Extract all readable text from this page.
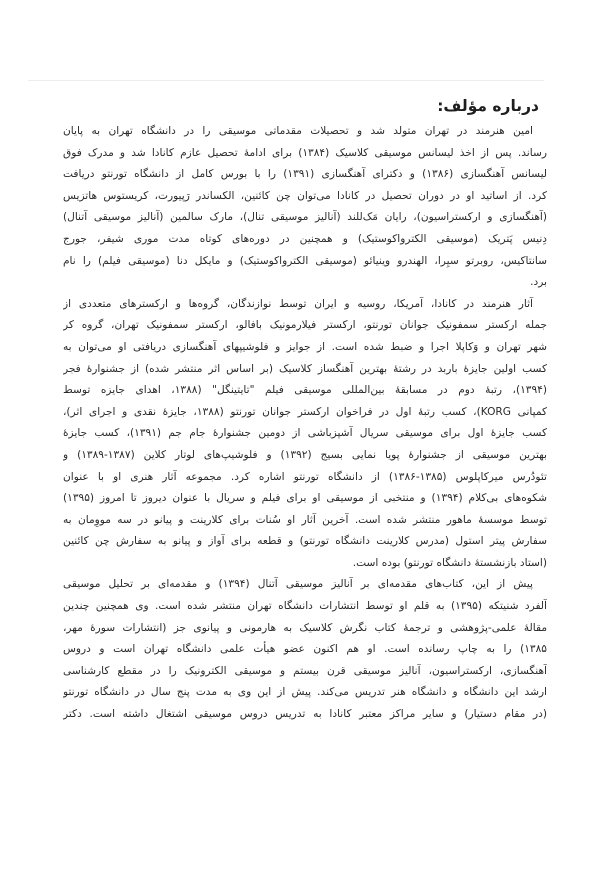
درباره مؤلف:
امین هنرمند در تهران متولد شد و تحصیلات مقدماتی موسیقی را در دانشگاه تهران به پایان
رساند. پس از اخذ لیسانس موسیقی کلاسیک (۱۳۸۴) برای ادامهٔ تحصیل عازم کانادا شد و مدرک فوق
لیسانس آهنگسازی (۱۳۸۶) و دکترای آهنگسازی (۱۳۹۱) را با بورس کامل از دانشگاه تورنتو دریافت
کرد. از اساتید او در دوران تحصیل در کانادا می‌توان چن کائنین، الکساندر رَپیورت، کریستوس هاتزیس
(آهنگسازی و ارکستراسیون)، رایان مَک‌للند (آنالیز موسیقی تنال)، مارک سالمین (آنالیز موسیقی آتنال)
دِنیس پَتریک (موسیقی الکترواکوستیک) و همچنین در دوره‌های کوتاه مدت موری شیفر، جورج
سانتاکیس، روبرتو سیِرا، الهندرو وینیائو (موسیقی الکترواکوستیک) و مایکل دنا (موسیقی فیلم) را نام
برد.
آثار هنرمند در کانادا، آمریکا، روسیه و ایران توسط نوازندگان، گروه‌ها و ارکسترهای متعددی از
جمله ارکستر سمفونیک جوانان تورنتو، ارکستر فیلارمونیک بافالو، ارکستر سمفونیک تهران، گروه کر
شهر تهران و وَکاپلا اجرا و ضبط شده است. از جوایز و فلوشیپهای آهنگسازی دریافتی او می‌توان به
کسب اولین جایزهٔ باربد در رشتهٔ بهترین آهنگساز کلاسیک (بر اساس اثر منتشر شده) از جشنوارهٔ فجر
(۱۳۹۴)، رتبهٔ دوم در مسابقهٔ بین‌المللی موسیقی فیلم "تایتینگل" (۱۳۸۸، اهدای جایزه توسط
کمپانی KORG)، کسب رتبهٔ اول در فراخوان ارکستر جوانان تورنتو (۱۳۸۸، جایزهٔ نقدی و اجرای اثر)،
کسب جایزهٔ اول برای موسیقی سریال آشپزباشی از دومین جشنوارهٔ جام جم (۱۳۹۱)، کسب جایزهٔ
بهترین موسیقی از جشنوارهٔ پویا نمایی بسیج (۱۳۹۲) و فلوشیپ‌های لوتار کلاین (۱۳۸۷-۱۳۸۹) و
تئودُرس میرکاپلوس (۱۳۸۵-۱۳۸۶) از دانشگاه تورنتو اشاره کرد. مجموعه آثار هنری او با عنوان
شکوه‌های بی‌کلام (۱۳۹۴) و منتخبی از موسیقی او برای فیلم و سریال با عنوان دیروز تا امروز (۱۳۹۵)
توسط موسسهٔ ماهور منتشر شده است. آخرین آثار او سُنات برای کلارینت و پیانو در سه مووِمان به
سفارش پیتر استول (مدرس کلارینت دانشگاه تورنتو) و قطعه برای آواز و پیانو به سفارش چن کائنین
(استاد بازنشستهٔ دانشگاه تورنتو) بوده است.
پیش از این، کتاب‌های مقدمه‌ای بر آنالیز موسیقی آتنال (۱۳۹۴) و مقدمه‌ای بر تحلیل موسیقی
آلفرد شنیتکه (۱۳۹۵) به قلم او توسط انتشارات دانشگاه تهران منتشر شده است. وی همچنین چندین
مقالهٔ علمی-پژوهشی و ترجمهٔ کتاب نگرش کلاسیک به هارمونی و پیانوی جز (انتشارات سورهٔ مهر،
۱۳۸۵) را به چاپ رسانده است. او هم اکنون عضو هیأت علمی دانشگاه تهران است و دروس
آهنگسازی، ارکستراسیون، آنالیز موسیقی قرن بیستم و موسیقی الکترونیک را در مقطع کارشناسی
ارشد این دانشگاه و دانشگاه هنر تدریس می‌کند. پیش از این وی به مدت پنج سال در دانشگاه تورنتو
(در مقام دستیار) و سایر مراکز معتبر کانادا به تدریس دروس موسیقی اشتغال داشته است. دکتر
